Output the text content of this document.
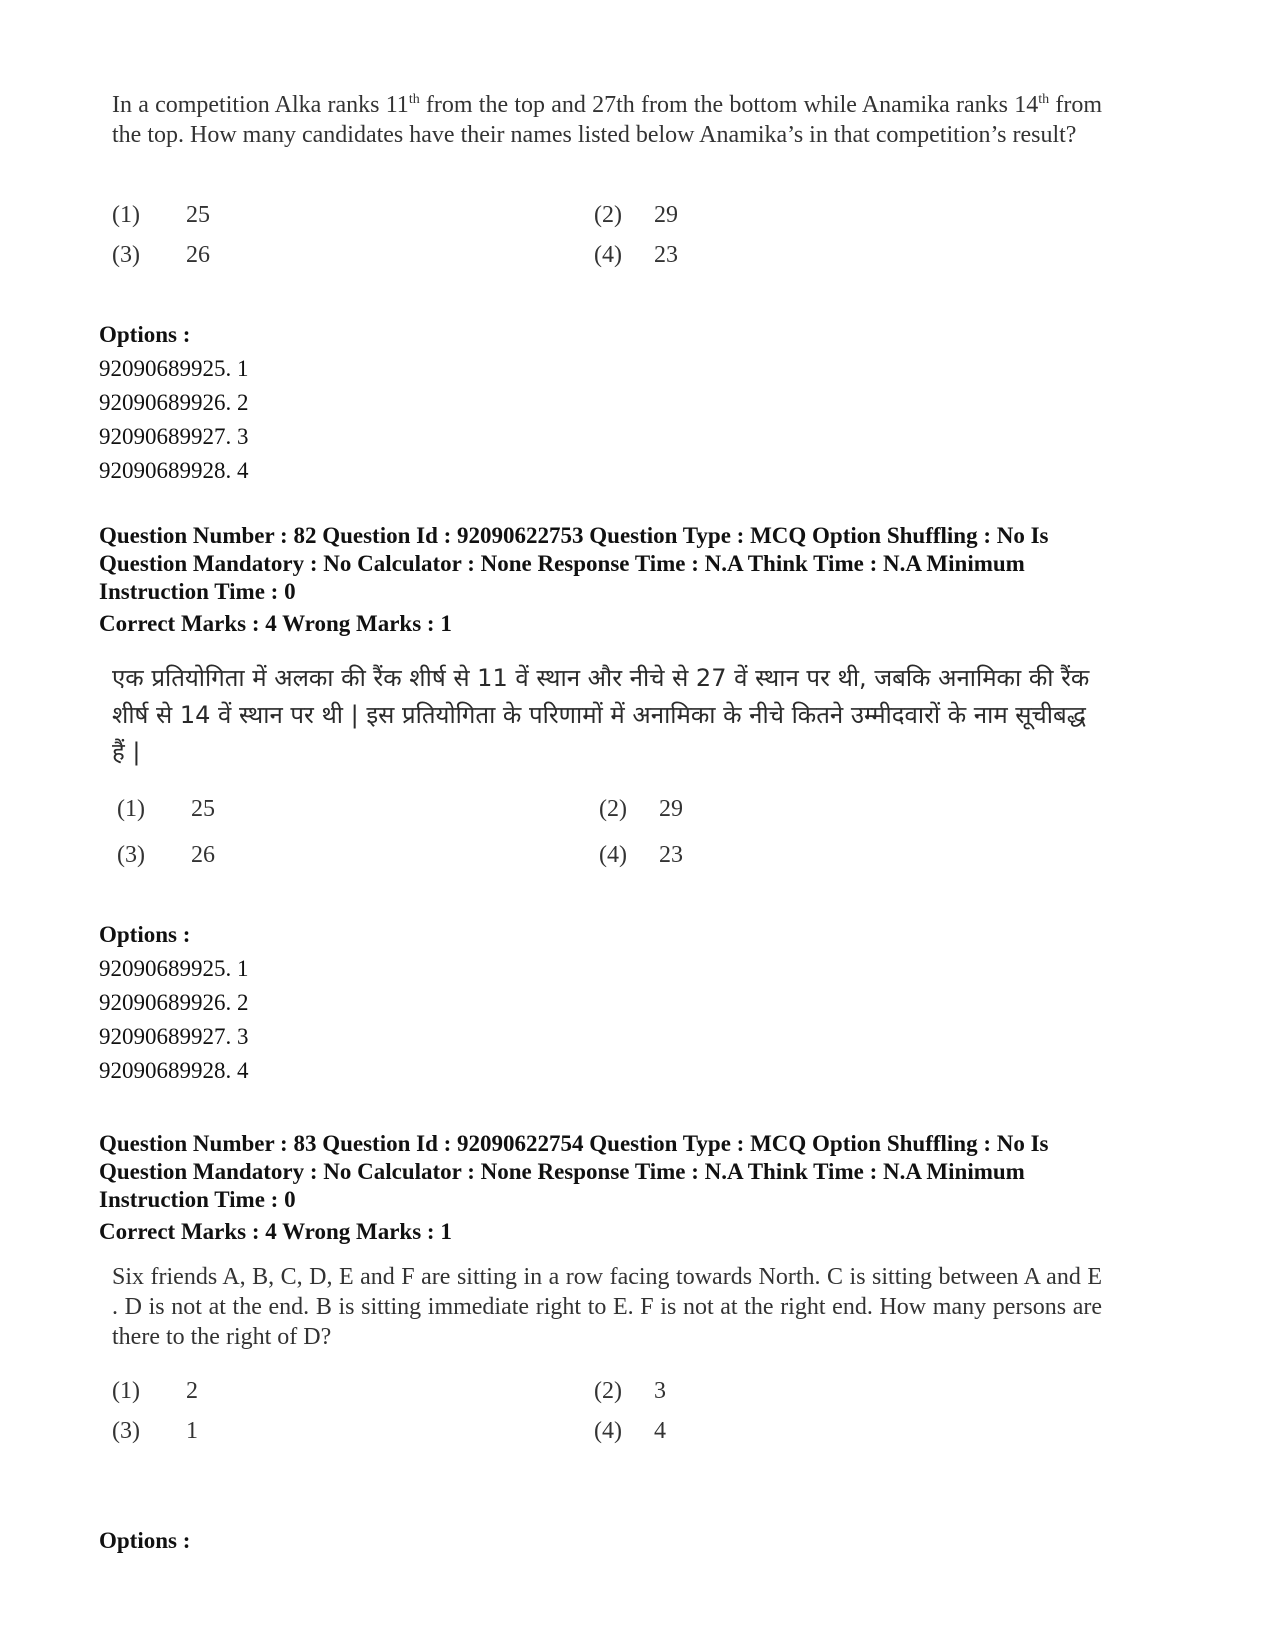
In a competition Alka ranks 11th from the top and 27th from the bottom while Anamika ranks 14th from the top. How many candidates have their names listed below Anamika’s in that competition’s result?
(1) 25	(2) 29
(3) 26	(4) 23
Options :
92090689925. 1
92090689926. 2
92090689927. 3
92090689928. 4
Question Number : 82 Question Id : 92090622753 Question Type : MCQ Option Shuffling : No Is
Question Mandatory : No Calculator : None Response Time : N.A Think Time : N.A Minimum
Instruction Time : 0
Correct Marks : 4 Wrong Marks : 1
एक प्रतियोगिता में अलका की रैंक शीर्ष से 11 वें स्थान और नीचे से 27 वें स्थान पर थी, जबकि अनामिका की रैंक शीर्ष से 14 वें स्थान पर थी | इस प्रतियोगिता के परिणामों में अनामिका के नीचे कितने उम्मीदवारों के नाम सूचीबद्ध हैं |
(1) 25	(2) 29
(3) 26	(4) 23
Options :
92090689925. 1
92090689926. 2
92090689927. 3
92090689928. 4
Question Number : 83 Question Id : 92090622754 Question Type : MCQ Option Shuffling : No Is
Question Mandatory : No Calculator : None Response Time : N.A Think Time : N.A Minimum
Instruction Time : 0
Correct Marks : 4 Wrong Marks : 1
Six friends A, B, C, D, E and F are sitting in a row facing towards North. C is sitting between A and E . D is not at the end. B is sitting immediate right to E. F is not at the right end. How many persons are there to the right of D?
(1) 2	(2) 3
(3) 1	(4) 4
Options :
